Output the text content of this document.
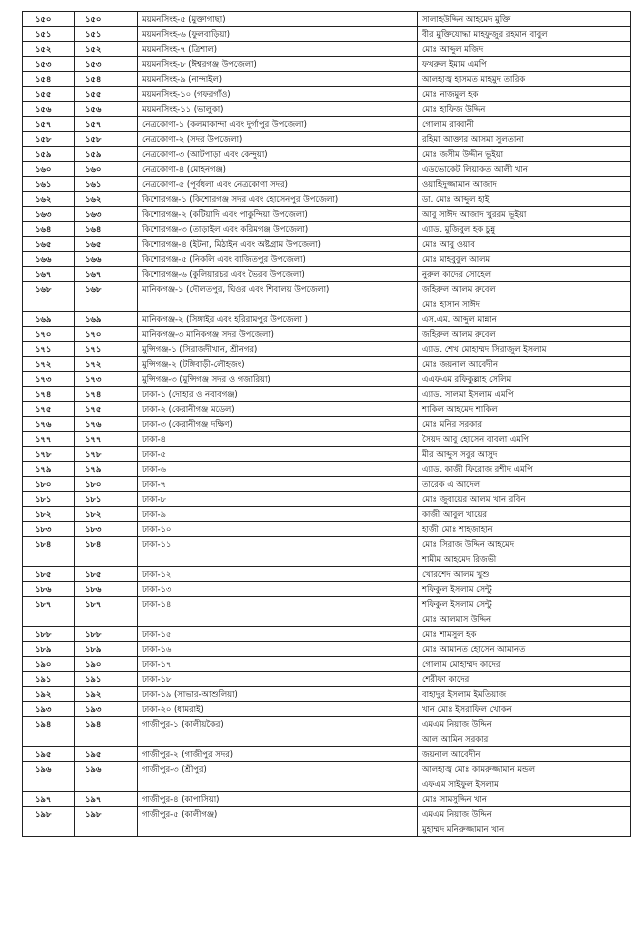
১৫০	১৫০	ময়মনসিংহ-৫ (মুক্তাগাছা)	সালাহউদ্দিন আহমেদ মুক্তি
১৫১	১৫১	ময়মনসিংহ-৬ (ফুলবাড়িয়া)	বীর মুক্তিযোদ্ধা মাহফুজুর রহমান বাবুল
১৫২	১৫২	ময়মনসিংহ-৭ (ত্রিশাল)	মোঃ আব্দুল মজিদ
১৫৩	১৫৩	ময়মনসিংহ-৮ (ঈশ্বরগঞ্জ উপজেলা)	ফখরুল ইমাম এমপি
১৫৪	১৫৪	ময়মনসিংহ-৯ (নান্দাইল)	আলহাজ্ব হাসমত মাহমুদ তারিক
১৫৫	১৫৫	ময়মনসিংহ-১০ (গফরগাঁও)	মোঃ নাজমুল হক
১৫৬	১৫৬	ময়মনসিংহ-১১ (ভালুকা)	মোঃ হাফিজ উদ্দিন
১৫৭	১৫৭	নেত্রকোণা-১ (কলমাকান্দা এবং দুর্গাপুর উপজেলা)	গোলাম রাব্বানী
১৫৮	১৫৮	নেত্রকোণা-২ (সদর উপজেলা)	রহিমা আক্তার আসমা সুলতানা
১৫৯	১৫৯	নেত্রকোণা-৩ (আটপাড়া এবং কেন্দুয়া)	মোঃ জসীম উদ্দীন ভূইয়া
১৬০	১৬০	নেত্রকোণা-৪ (মোহনগঞ্জ)	এডভোকেট লিয়াকত আলী খান
১৬১	১৬১	নেত্রকোণা-৫ (পূর্বধলা এবং নেত্রকোণা সদর)	ওয়াহিদুজ্জামান আজাদ
১৬২	১৬২	কিশোরগঞ্জ-১ (কিশোরগঞ্জ সদর এবং হোসেনপুর উপজেলা)	ডা. মোঃ আব্দুল হাই
১৬৩	১৬৩	কিশোরগঞ্জ-২ (কটিয়াদি এবং পাকুন্দিয়া উপজেলা)	আবু সাঈদ আজাদ খুররম ভূইয়া
১৬৪	১৬৪	কিশোরগঞ্জ-৩ (তাড়াইল এবং করিমগঞ্জ উপজেলা)	এ্যাড. মুজিবুল হক চুন্নু
১৬৫	১৬৫	কিশোরগঞ্জ-৪ (ইটনা, মিঠাইন এবং অষ্টগ্রাম উপজেলা)	মোঃ আবু ওয়াব
১৬৬	১৬৬	কিশোরগঞ্জ-৫ (নিকলি এবং বাজিতপুর উপজেলা)	মোঃ মাহবুবুল আলম
১৬৭	১৬৭	কিশোরগঞ্জ-৬ (কুলিয়ারচর এবং ভৈরব উপজেলা)	নুরুল কাদের সোহেল
১৬৮	১৬৮	মানিকগঞ্জ-১ (দৌলতপুর, ঘিওর এবং শিবালয় উপজেলা)	জহিরুল আলম রুবেল
মোঃ হাসান সাঈদ

১৬৯	১৬৯	মানিকগঞ্জ-২ (সিঙ্গাইর এবং হরিরামপুর উপজেলা )	এস.এম. আব্দুল মান্নান
১৭০	১৭০	মানিকগঞ্জ-৩ মানিকগঞ্জ সদর উপজেলা)	জহিরুল আলম রুবেল
১৭১	১৭১	মুন্সিগঞ্জ-১ (সিরাজদীখান, শ্রীনগর)	এ্যাড. শেখ মোহাম্মদ সিরাজুল ইসলাম
১৭২	১৭২	মুন্সিগঞ্জ-২ (টঙ্গিবাড়ী-লৌহজং)	মোঃ জয়নাল আবেদীন
১৭৩	১৭৩	মুন্সিগঞ্জ-৩ (মুন্সিগঞ্জ সদর ও গজারিয়া)	এএফএম রফিকুল্লাহ সেলিম
১৭৪	১৭৪	ঢাকা-১ (দোহার ও নবাবগঞ্জ)	এ্যাড. সালমা ইসলাম এমপি
১৭৫	১৭৫	ঢাকা-২ (কেরানীগঞ্জ মডেল)	শাকিল আহমেদ শাকিল
১৭৬	১৭৬	ঢাকা-৩ (কেরানীগঞ্জ দক্ষিণ)	মোঃ মনির সরকার
১৭৭	১৭৭	ঢাকা-৪	সৈয়দ আবু হোসেন বাবলা এমপি
১৭৮	১৭৮	ঢাকা-৫	মীর আব্দুস সবুর আসুদ
১৭৯	১৭৯	ঢাকা-৬	এ্যাড. কাজী ফিরোজ রশীদ এমপি
১৮০	১৮০	ঢাকা-৭	তারেক এ আদেল
১৮১	১৮১	ঢাকা-৮	মোঃ জুবায়ের আলম খান রবিন
১৮২	১৮২	ঢাকা-৯	কাজী আবুল খায়ের
১৮৩	১৮৩	ঢাকা-১০	হাজী মোঃ শাহজাহান
১৮৪	১৮৪	ঢাকা-১১	মোঃ সিরাজ উদ্দিন আহমেদ
শামীম আহমেদ রিজভী

১৮৫	১৮৫	ঢাকা-১২	খোরশেদ আলম খুশু
১৮৬	১৮৬	ঢাকা-১৩	শফিকুল ইসলাম সেন্টু
১৮৭	১৮৭	ঢাকা-১৪	শফিকুল ইসলাম সেন্টু
মোঃ আলমাস উদ্দিন

১৮৮	১৮৮	ঢাকা-১৫	মোঃ শামসুল হক
১৮৯	১৮৯	ঢাকা-১৬	মোঃ আমানত হোসেন আমানত
১৯০	১৯০	ঢাকা-১৭	গোলাম মোহাম্মদ কাদের
১৯১	১৯১	ঢাকা-১৮	শেরীফা কাদের
১৯২	১৯২	ঢাকা-১৯ (সাভার-আশুলিয়া)	বাহাদুর ইসলাম ইমতিয়াজ
১৯৩	১৯৩	ঢাকা-২০ (ধামরাই)	খান মোঃ ইসরাফিল খোকন
১৯৪	১৯৪	গাজীপুর-১ (কালীয়কৈর)	এমএম নিয়াজ উদ্দিন
আল আমিন সরকার

১৯৫	১৯৫	গাজীপুর-২ (গাজীপুর সদর)	জয়নাল আবেদীন
১৯৬	১৯৬	গাজীপুর-৩ (শ্রীপুর)	আলহাজ্ব মোঃ কামরুজ্জামান মন্ডল
এফএম সাইফুল ইসলাম

১৯৭	১৯৭	গাজীপুর-৪ (কাপাসিয়া)	মোঃ সামসুদ্দিন খান
১৯৮	১৯৮	গাজীপুর-৫ (কালীগঞ্জ)	এমএম নিয়াজ উদ্দিন
মুহাম্মদ মনিরুজ্জামান খান
